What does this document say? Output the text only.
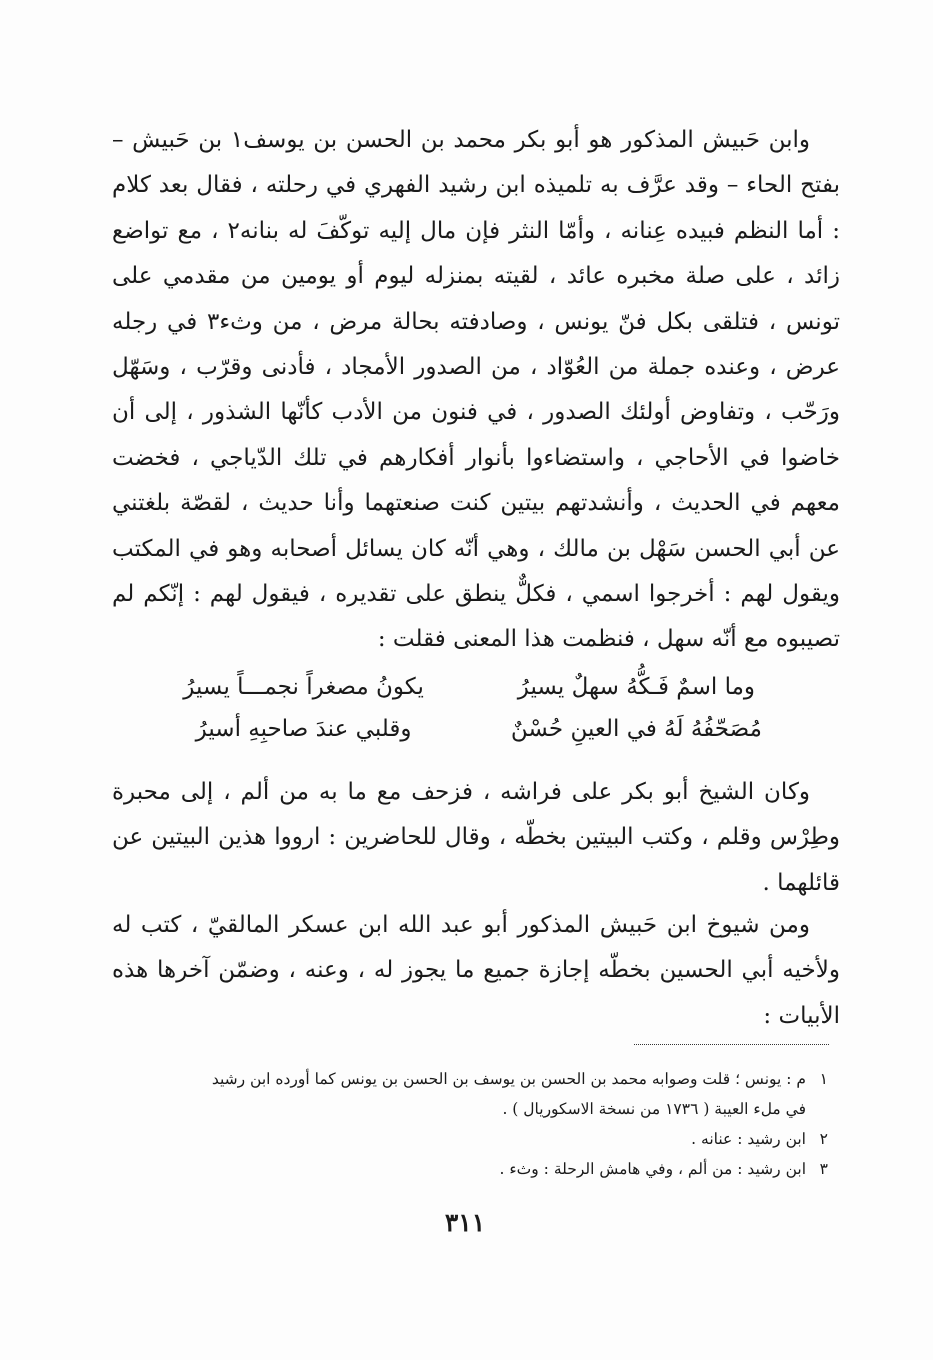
وابن حَبيش المذكور هو أبو بكر محمد بن الحسن بن يوسف١ بن حَبيش – بفتح الحاء – وقد عرَّف به تلميذه ابن رشيد الفهري في رحلته ، فقال بعد كلام : أما النظم فبيده عِنانه ، وأمّا النثر فإن مال إليه توكّفَ له بنانه٢ ، مع تواضع زائد ، على صلة مخبره عائد ، لقيته بمنزله ليوم أو يومين من مقدمي على تونس ، فتلقى بكل فنّ يونس ، وصادفته بحالة مرض ، من وثء٣ في رجله عرض ، وعنده جملة من العُوّاد ، من الصدور الأمجاد ، فأدنى وقرّب ، وسَهّل ورَحّب ، وتفاوض أولئك الصدور ، في فنون من الأدب كأنّها الشذور ، إلى أن خاضوا في الأحاجي ، واستضاءوا بأنوار أفكارهم في تلك الدّياجي ، فخضت معهم في الحديث ، وأنشدتهم بيتين كنت صنعتهما وأنا حديث ، لقصّة بلغتني عن أبي الحسن سَهْل بن مالك ، وهي أنّه كان يسائل أصحابه وهو في المكتب ويقول لهم : أخرجوا اسمي ، فكلٌّ ينطق على تقديره ، فيقول لهم : إنّكم لم تصيبوه مع أنّه سهل ، فنظمت هذا المعنى فقلت :

وما اسمٌ فَـكُّهُ سهلٌ يسيرُ
يكونُ مصغراً نجمـــاً يسيرُ
مُصَحّفُهُ لَهُ في العينِ حُسْنٌ
وقلبي عندَ صاحبِهِ أسيرُ

وكان الشيخ أبو بكر على فراشه ، فزحف مع ما به من ألم ، إلى محبرة وطِرْس وقلم ، وكتب البيتين بخطّه ، وقال للحاضرين : ارووا هذين البيتين عن قائلهما .

ومن شيوخ ابن حَبيش المذكور أبو عبد الله ابن عسكر المالقيّ ، كتب له ولأخيه أبي الحسين بخطّه إجازة جميع ما يجوز له ، وعنه ، وضمّن آخرها هذه الأبيات :

١م : يونس ؛ قلت وصوابه محمد بن الحسن بن يوسف بن الحسن بن يونس كما أورده ابن رشيد

في ملء العيبة ( ١٧٣٦ من نسخة الاسكوريال ) .

٢ابن رشيد : عنانه .

٣ابن رشيد : من ألم ، وفي هامش الرحلة : وثء .

٣١١
